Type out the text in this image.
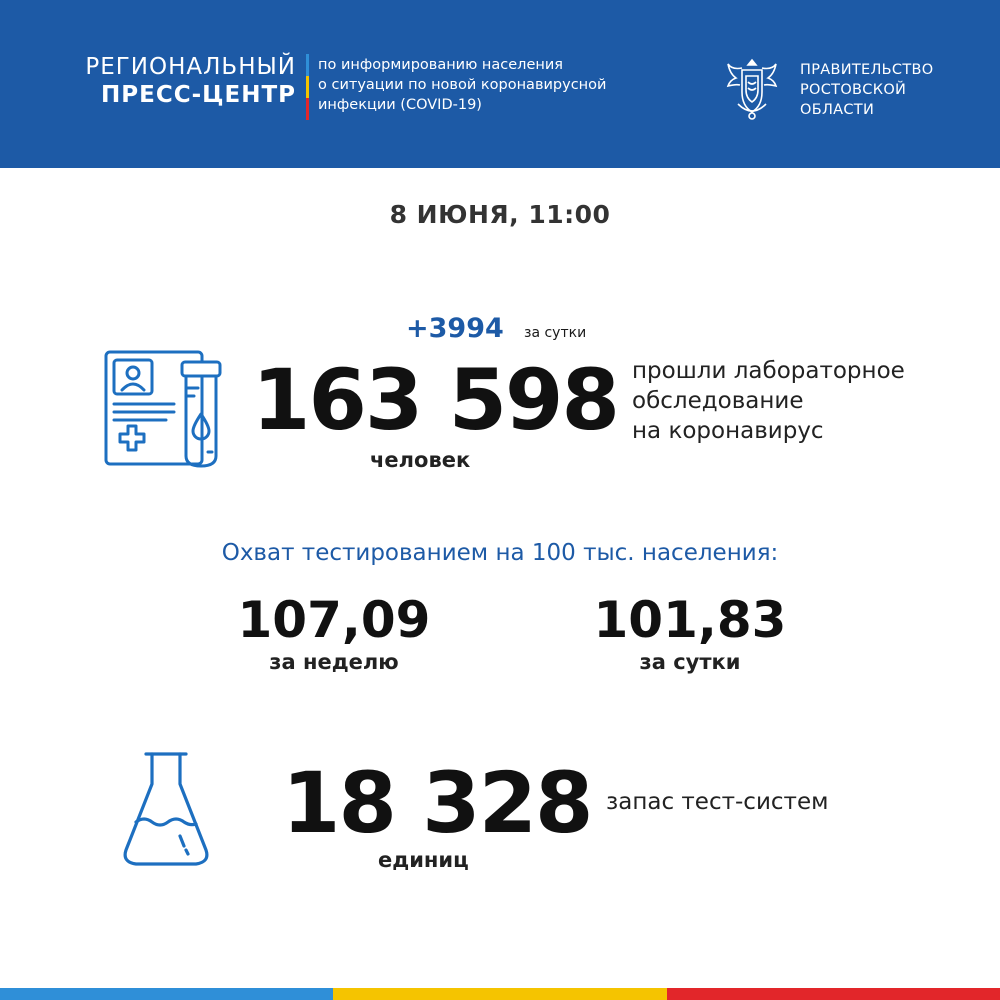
РЕГИОНАЛЬНЫЙ
ПРЕСС-ЦЕНТР
по информированию населения
о ситуации по новой коронавирусной
инфекции (COVID-19)
ПРАВИТЕЛЬСТВО
РОСТОВСКОЙ
ОБЛАСТИ
8 ИЮНЯ, 11:00
+3994 за сутки
163 598
человек
прошли лабораторное
обследование
на коронавирус
Охват тестированием на 100 тыс. населения:
107,09
за неделю
101,83
за сутки
18 328
единиц
запас тест-систем
